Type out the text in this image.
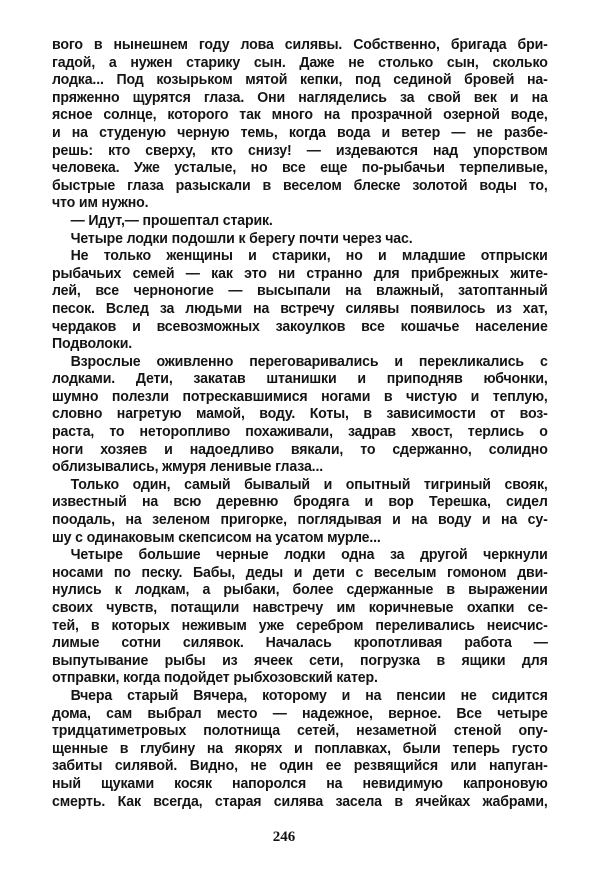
вого в нынешнем году лова силявы. Собственно, бригада бри-
гадой, а нужен старику сын. Даже не столько сын, сколько
лодка... Под козырьком мятой кепки, под сединой бровей на-
пряженно щурятся глаза. Они нагляделись за свой век и на
ясное солнце, которого так много на прозрачной озерной воде,
и на студеную черную темь, когда вода и ветер — не разбе-
решь: кто сверху, кто снизу! — издеваются над упорством
человека. Уже усталые, но все еще по-рыбачьи терпеливые,
быстрые глаза разыскали в веселом блеске золотой воды то,
что им нужно.
— Идут,— прошептал старик.
Четыре лодки подошли к берегу почти через час.
Не только женщины и старики, но и младшие отпрыски
рыбачьих семей — как это ни странно для прибрежных жите-
лей, все черноногие — высыпали на влажный, затоптанный
песок. Вслед за людьми на встречу силявы появилось из хат,
чердаков и всевозможных закоулков все кошачье население
Подволоки.
Взрослые оживленно переговаривались и перекликались с
лодками. Дети, закатав штанишки и приподняв юбчонки,
шумно полезли потрескавшимися ногами в чистую и теплую,
словно нагретую мамой, воду. Коты, в зависимости от воз-
раста, то неторопливо похаживали, задрав хвост, терлись о
ноги хозяев и надоедливо вякали, то сдержанно, солидно
облизывались, жмуря ленивые глаза...
Только один, самый бывалый и опытный тигриный свояк,
известный на всю деревню бродяга и вор Терешка, сидел
поодаль, на зеленом пригорке, поглядывая и на воду и на су-
шу с одинаковым скепсисом на усатом мурле...
Четыре большие черные лодки одна за другой черкнули
носами по песку. Бабы, деды и дети с веселым гомоном дви-
нулись к лодкам, а рыбаки, более сдержанные в выражении
своих чувств, потащили навстречу им коричневые охапки се-
тей, в которых неживым уже серебром переливались неисчис-
лимые сотни силявок. Началась кропотливая работа —
выпутывание рыбы из ячеек сети, погрузка в ящики для
отправки, когда подойдет рыбхозовский катер.
Вчера старый Вячера, которому и на пенсии не сидится
дома, сам выбрал место — надежное, верное. Все четыре
тридцатиметровых полотнища сетей, незаметной стеной опу-
щенные в глубину на якорях и поплавках, были теперь густо
забиты силявой. Видно, не один ее резвящийся или напуган-
ный щуками косяк напоролся на невидимую капроновую
смерть. Как всегда, старая силява засела в ячейках жабрами,
246
